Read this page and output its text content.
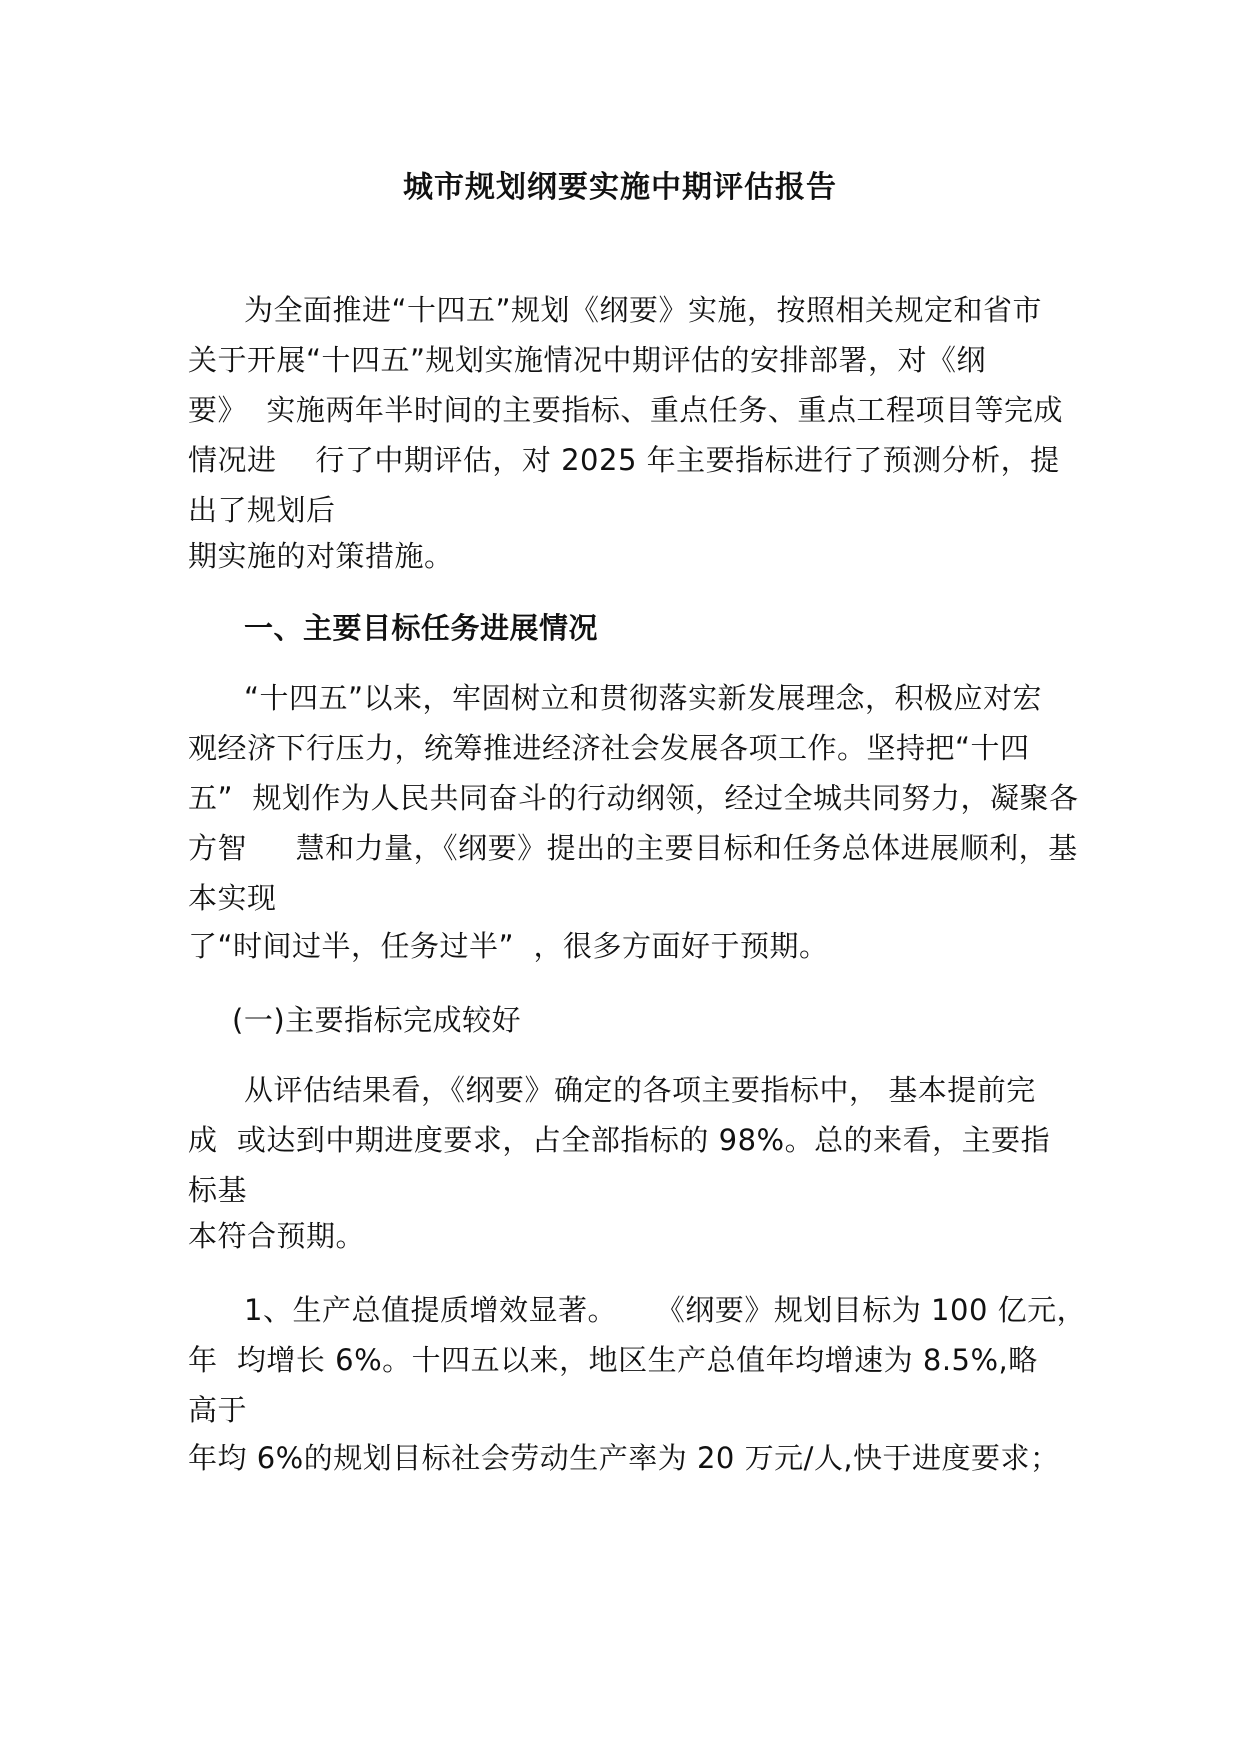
城市规划纲要实施中期评估报告
为全面推进“十四五”规划《纲要》实施，按照相关规定和省市
关于开展“十四五”规划实施情况中期评估的安排部署，对《纲
要》  实施两年半时间的主要指标、重点任务、重点工程项目等完成
情况进    行了中期评估，对 2025 年主要指标进行了预测分析，提
出了规划后
期实施的对策措施。
一、主要目标任务进展情况
“十四五”以来，牢固树立和贯彻落实新发展理念，积极应对宏
观经济下行压力，统筹推进经济社会发展各项工作。坚持把“十四
五”  规划作为人民共同奋斗的行动纲领，经过全城共同努力，凝聚各
方智     慧和力量，《纲要》提出的主要目标和任务总体进展顺利，基
本实现
了“时间过半，任务过半”  ，很多方面好于预期。
(一)主要指标完成较好
从评估结果看，《纲要》确定的各项主要指标中， 基本提前完
成  或达到中期进度要求，占全部指标的 98%。总的来看，主要指
标基
本符合预期。
1、生产总值提质增效显著。    《纲要》规划目标为 100 亿元，
年  均增长 6%。十四五以来，地区生产总值年均增速为 8.5%,略
高于
年均 6%的规划目标社会劳动生产率为 20 万元/人,快于进度要求；
